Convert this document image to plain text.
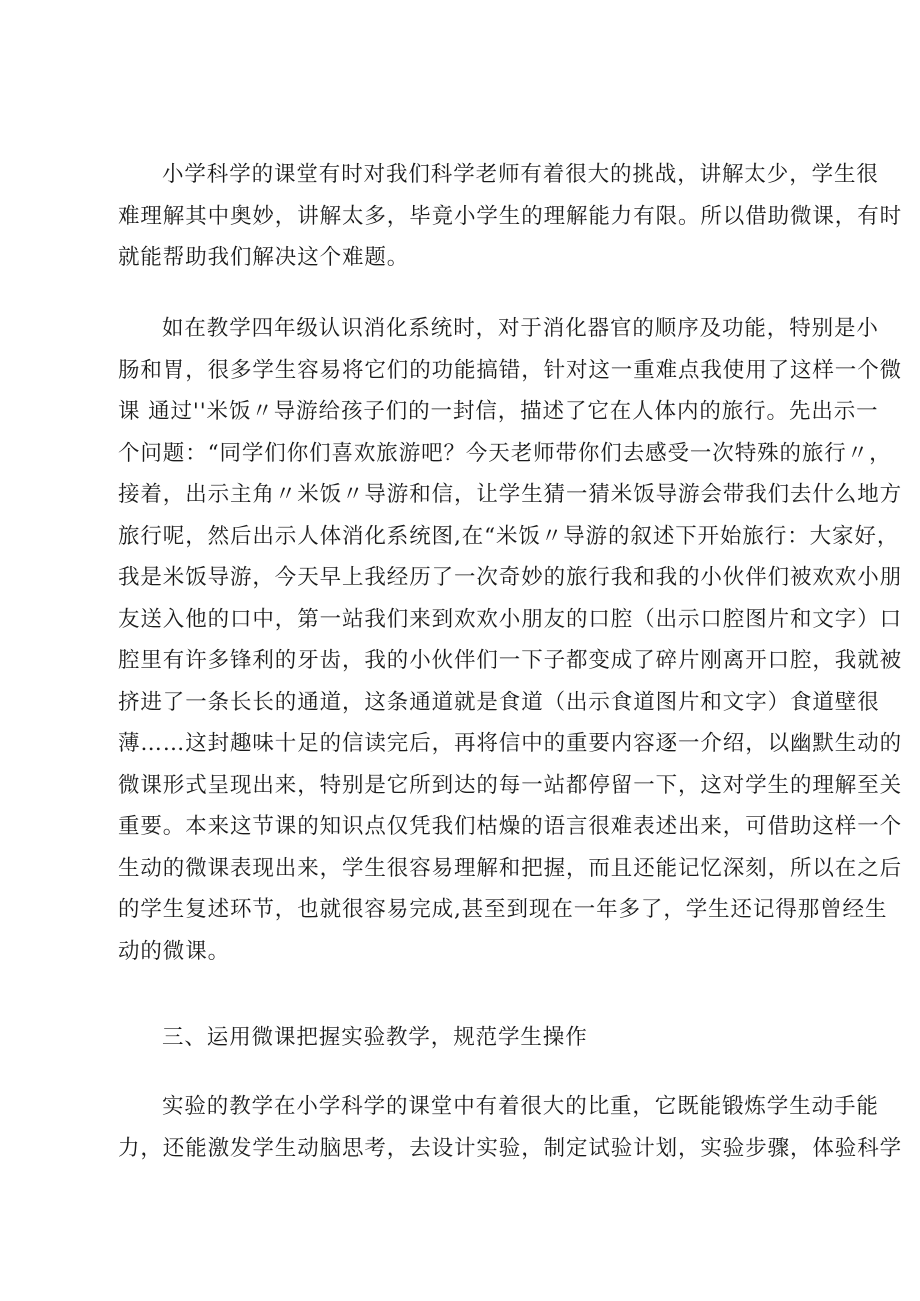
小学科学的课堂有时对我们科学老师有着很大的挑战，讲解太少，学生很
难理解其中奥妙，讲解太多，毕竟小学生的理解能力有限。所以借助微课，有时
就能帮助我们解决这个难题。
如在教学四年级认识消化系统时，对于消化器官的顺序及功能，特别是小
肠和胃，很多学生容易将它们的功能搞错，针对这一重难点我使用了这样一个微
课 通过''米饭〃导游给孩子们的一封信，描述了它在人体内的旅行。先出示一
个问题：“同学们你们喜欢旅游吧？今天老师带你们去感受一次特殊的旅行〃，
接着，出示主角〃米饭〃导游和信，让学生猜一猜米饭导游会带我们去什么地方
旅行呢，然后出示人体消化系统图,在“米饭〃导游的叙述下开始旅行：大家好，
我是米饭导游，今天早上我经历了一次奇妙的旅行我和我的小伙伴们被欢欢小朋
友送入他的口中，第一站我们来到欢欢小朋友的口腔（出示口腔图片和文字）口
腔里有许多锋利的牙齿，我的小伙伴们一下子都变成了碎片刚离开口腔，我就被
挤进了一条长长的通道，这条通道就是食道（出示食道图片和文字）食道壁很
薄……这封趣味十足的信读完后，再将信中的重要内容逐一介绍，以幽默生动的
微课形式呈现出来，特别是它所到达的每一站都停留一下，这对学生的理解至关
重要。本来这节课的知识点仅凭我们枯燥的语言很难表述出来，可借助这样一个
生动的微课表现出来，学生很容易理解和把握，而且还能记忆深刻，所以在之后
的学生复述环节，也就很容易完成,甚至到现在一年多了，学生还记得那曾经生
动的微课。
三、运用微课把握实验教学，规范学生操作
实验的教学在小学科学的课堂中有着很大的比重，它既能锻炼学生动手能
力，还能激发学生动脑思考，去设计实验，制定试验计划，实验步骤，体验科学
